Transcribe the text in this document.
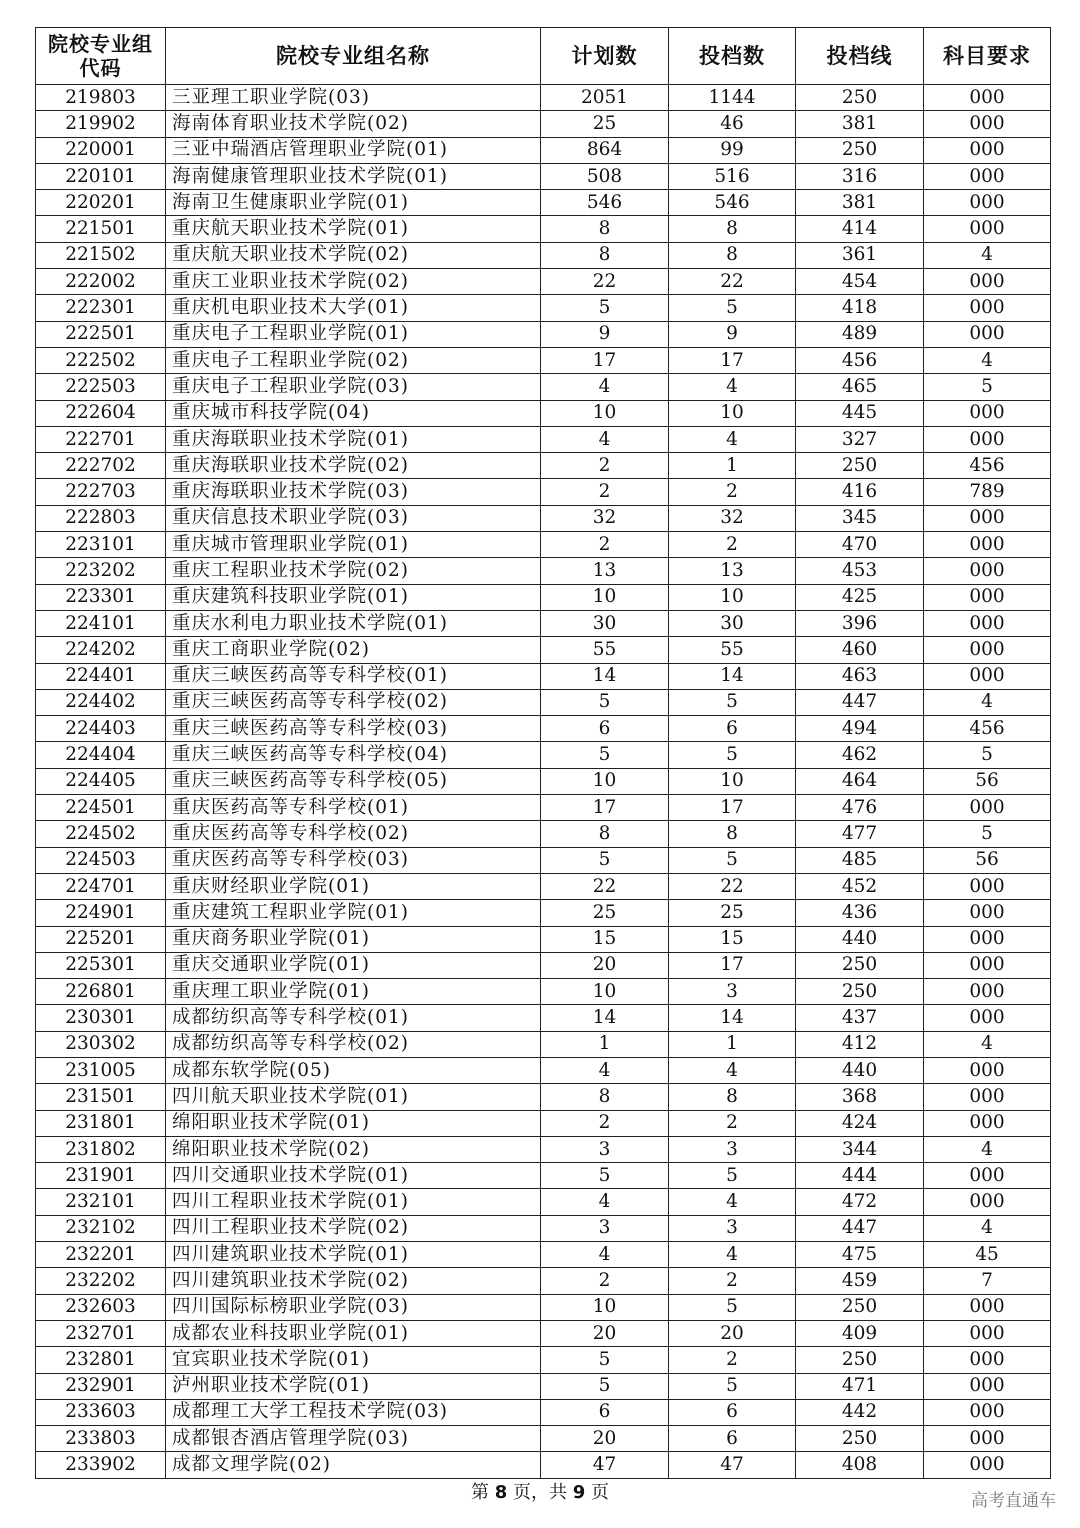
院校专业组代码	院校专业组名称	计划数	投档数	投档线	科目要求
219803	三亚理工职业学院(03)	2051	1144	250	000
219902	海南体育职业技术学院(02)	25	46	381	000
220001	三亚中瑞酒店管理职业学院(01)	864	99	250	000
220101	海南健康管理职业技术学院(01)	508	516	316	000
220201	海南卫生健康职业学院(01)	546	546	381	000
221501	重庆航天职业技术学院(01)	8	8	414	000
221502	重庆航天职业技术学院(02)	8	8	361	4
222002	重庆工业职业技术学院(02)	22	22	454	000
222301	重庆机电职业技术大学(01)	5	5	418	000
222501	重庆电子工程职业学院(01)	9	9	489	000
222502	重庆电子工程职业学院(02)	17	17	456	4
222503	重庆电子工程职业学院(03)	4	4	465	5
222604	重庆城市科技学院(04)	10	10	445	000
222701	重庆海联职业技术学院(01)	4	4	327	000
222702	重庆海联职业技术学院(02)	2	1	250	456
222703	重庆海联职业技术学院(03)	2	2	416	789
222803	重庆信息技术职业学院(03)	32	32	345	000
223101	重庆城市管理职业学院(01)	2	2	470	000
223202	重庆工程职业技术学院(02)	13	13	453	000
223301	重庆建筑科技职业学院(01)	10	10	425	000
224101	重庆水利电力职业技术学院(01)	30	30	396	000
224202	重庆工商职业学院(02)	55	55	460	000
224401	重庆三峡医药高等专科学校(01)	14	14	463	000
224402	重庆三峡医药高等专科学校(02)	5	5	447	4
224403	重庆三峡医药高等专科学校(03)	6	6	494	456
224404	重庆三峡医药高等专科学校(04)	5	5	462	5
224405	重庆三峡医药高等专科学校(05)	10	10	464	56
224501	重庆医药高等专科学校(01)	17	17	476	000
224502	重庆医药高等专科学校(02)	8	8	477	5
224503	重庆医药高等专科学校(03)	5	5	485	56
224701	重庆财经职业学院(01)	22	22	452	000
224901	重庆建筑工程职业学院(01)	25	25	436	000
225201	重庆商务职业学院(01)	15	15	440	000
225301	重庆交通职业学院(01)	20	17	250	000
226801	重庆理工职业学院(01)	10	3	250	000
230301	成都纺织高等专科学校(01)	14	14	437	000
230302	成都纺织高等专科学校(02)	1	1	412	4
231005	成都东软学院(05)	4	4	440	000
231501	四川航天职业技术学院(01)	8	8	368	000
231801	绵阳职业技术学院(01)	2	2	424	000
231802	绵阳职业技术学院(02)	3	3	344	4
231901	四川交通职业技术学院(01)	5	5	444	000
232101	四川工程职业技术学院(01)	4	4	472	000
232102	四川工程职业技术学院(02)	3	3	447	4
232201	四川建筑职业技术学院(01)	4	4	475	45
232202	四川建筑职业技术学院(02)	2	2	459	7
232603	四川国际标榜职业学院(03)	10	5	250	000
232701	成都农业科技职业学院(01)	20	20	409	000
232801	宜宾职业技术学院(01)	5	2	250	000
232901	泸州职业技术学院(01)	5	5	471	000
233603	成都理工大学工程技术学院(03)	6	6	442	000
233803	成都银杏酒店管理学院(03)	20	6	250	000
233902	成都文理学院(02)	47	47	408	000
第 8 页，共 9 页	高考直通车
